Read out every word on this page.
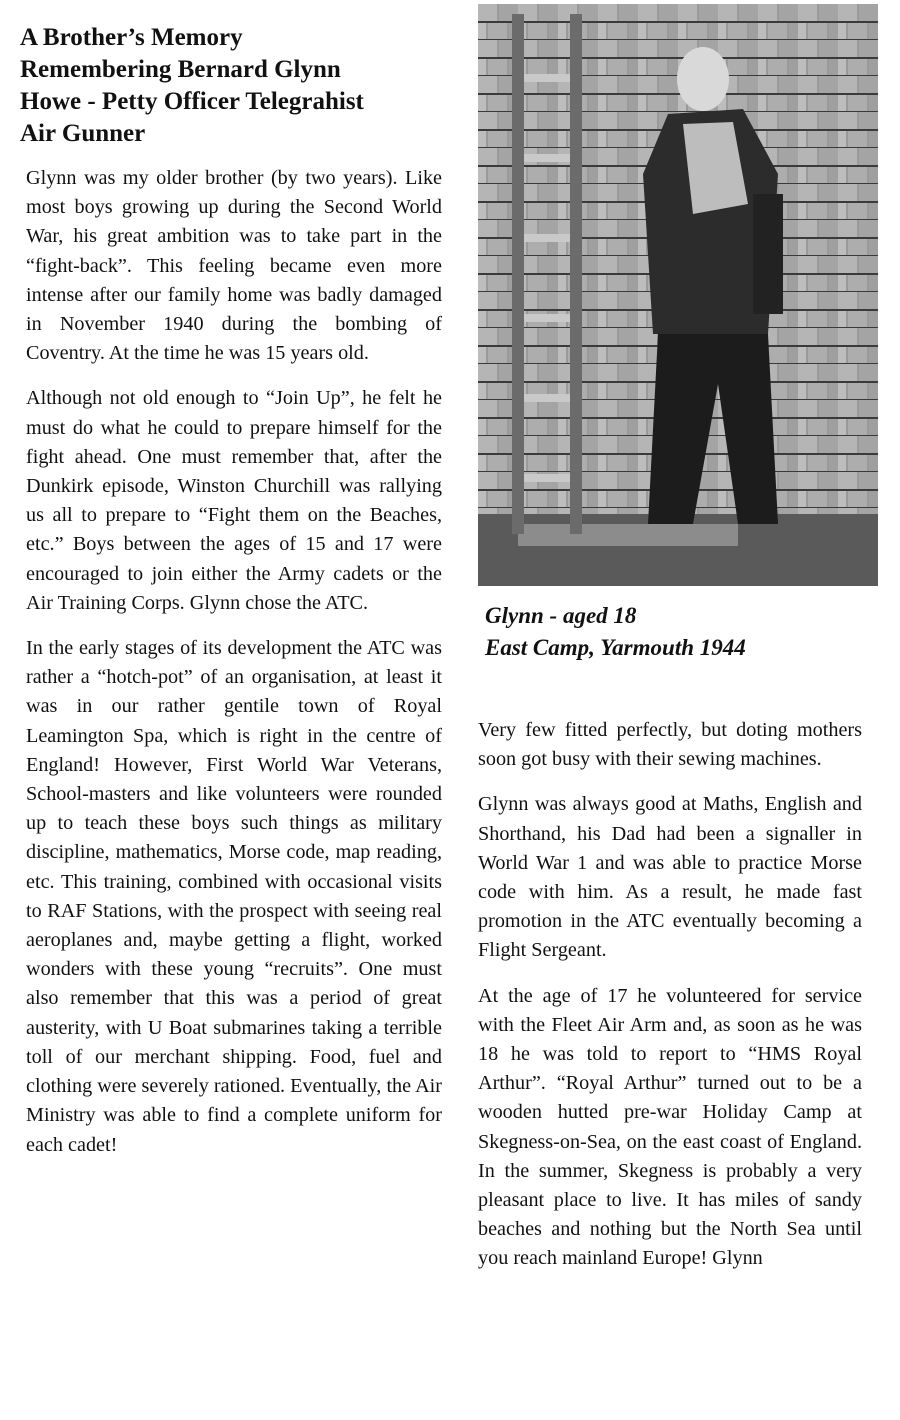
A Brother’s Memory
Remembering Bernard Glynn
Howe - Petty Officer Telegrahist
Air Gunner

Glynn was my older brother (by two years). Like most boys growing up during the Second World War, his great ambition was to take part in the “fight-back”. This feeling became even more intense after our family home was badly damaged in November 1940 during the bombing of Coventry. At the time he was 15 years old.

Although not old enough to “Join Up”, he felt he must do what he could to prepare himself for the fight ahead. One must remember that, after the Dunkirk episode, Winston Churchill was rallying us all to prepare to “Fight them on the Beaches, etc.” Boys between the ages of 15 and 17 were encouraged to join either the Army cadets or the Air Training Corps. Glynn chose the ATC.

In the early stages of its development the ATC was rather a “hotch-pot” of an organisation, at least it was in our rather gentile town of Royal Leamington Spa, which is right in the centre of England! However, First World War Veterans, School-masters and like volunteers were rounded up to teach these boys such things as military discipline, mathematics, Morse code, map reading, etc. This training, combined with occasional visits to RAF Stations, with the prospect with seeing real aeroplanes and, maybe getting a flight, worked wonders with these young “recruits”. One must also remember that this was a period of great austerity, with U Boat submarines taking a terrible toll of our merchant shipping. Food, fuel and clothing were severely rationed. Eventually, the Air Ministry was able to find a complete uniform for each cadet!

Glynn - aged 18
East Camp, Yarmouth 1944

Very few fitted perfectly, but doting mothers soon got busy with their sewing machines.

Glynn was always good at Maths, English and Shorthand, his Dad had been a signaller in World War 1 and was able to practice Morse code with him. As a result, he made fast promotion in the ATC eventually becoming a Flight Sergeant.

At the age of 17 he volunteered for service with the Fleet Air Arm and, as soon as he was 18 he was told to report to “HMS Royal Arthur”. “Royal Arthur” turned out to be a wooden hutted pre-war Holiday Camp at Skegness-on-Sea, on the east coast of England. In the summer, Skegness is probably a very pleasant place to live. It has miles of sandy beaches and nothing but the North Sea until you reach mainland Europe! Glynn
